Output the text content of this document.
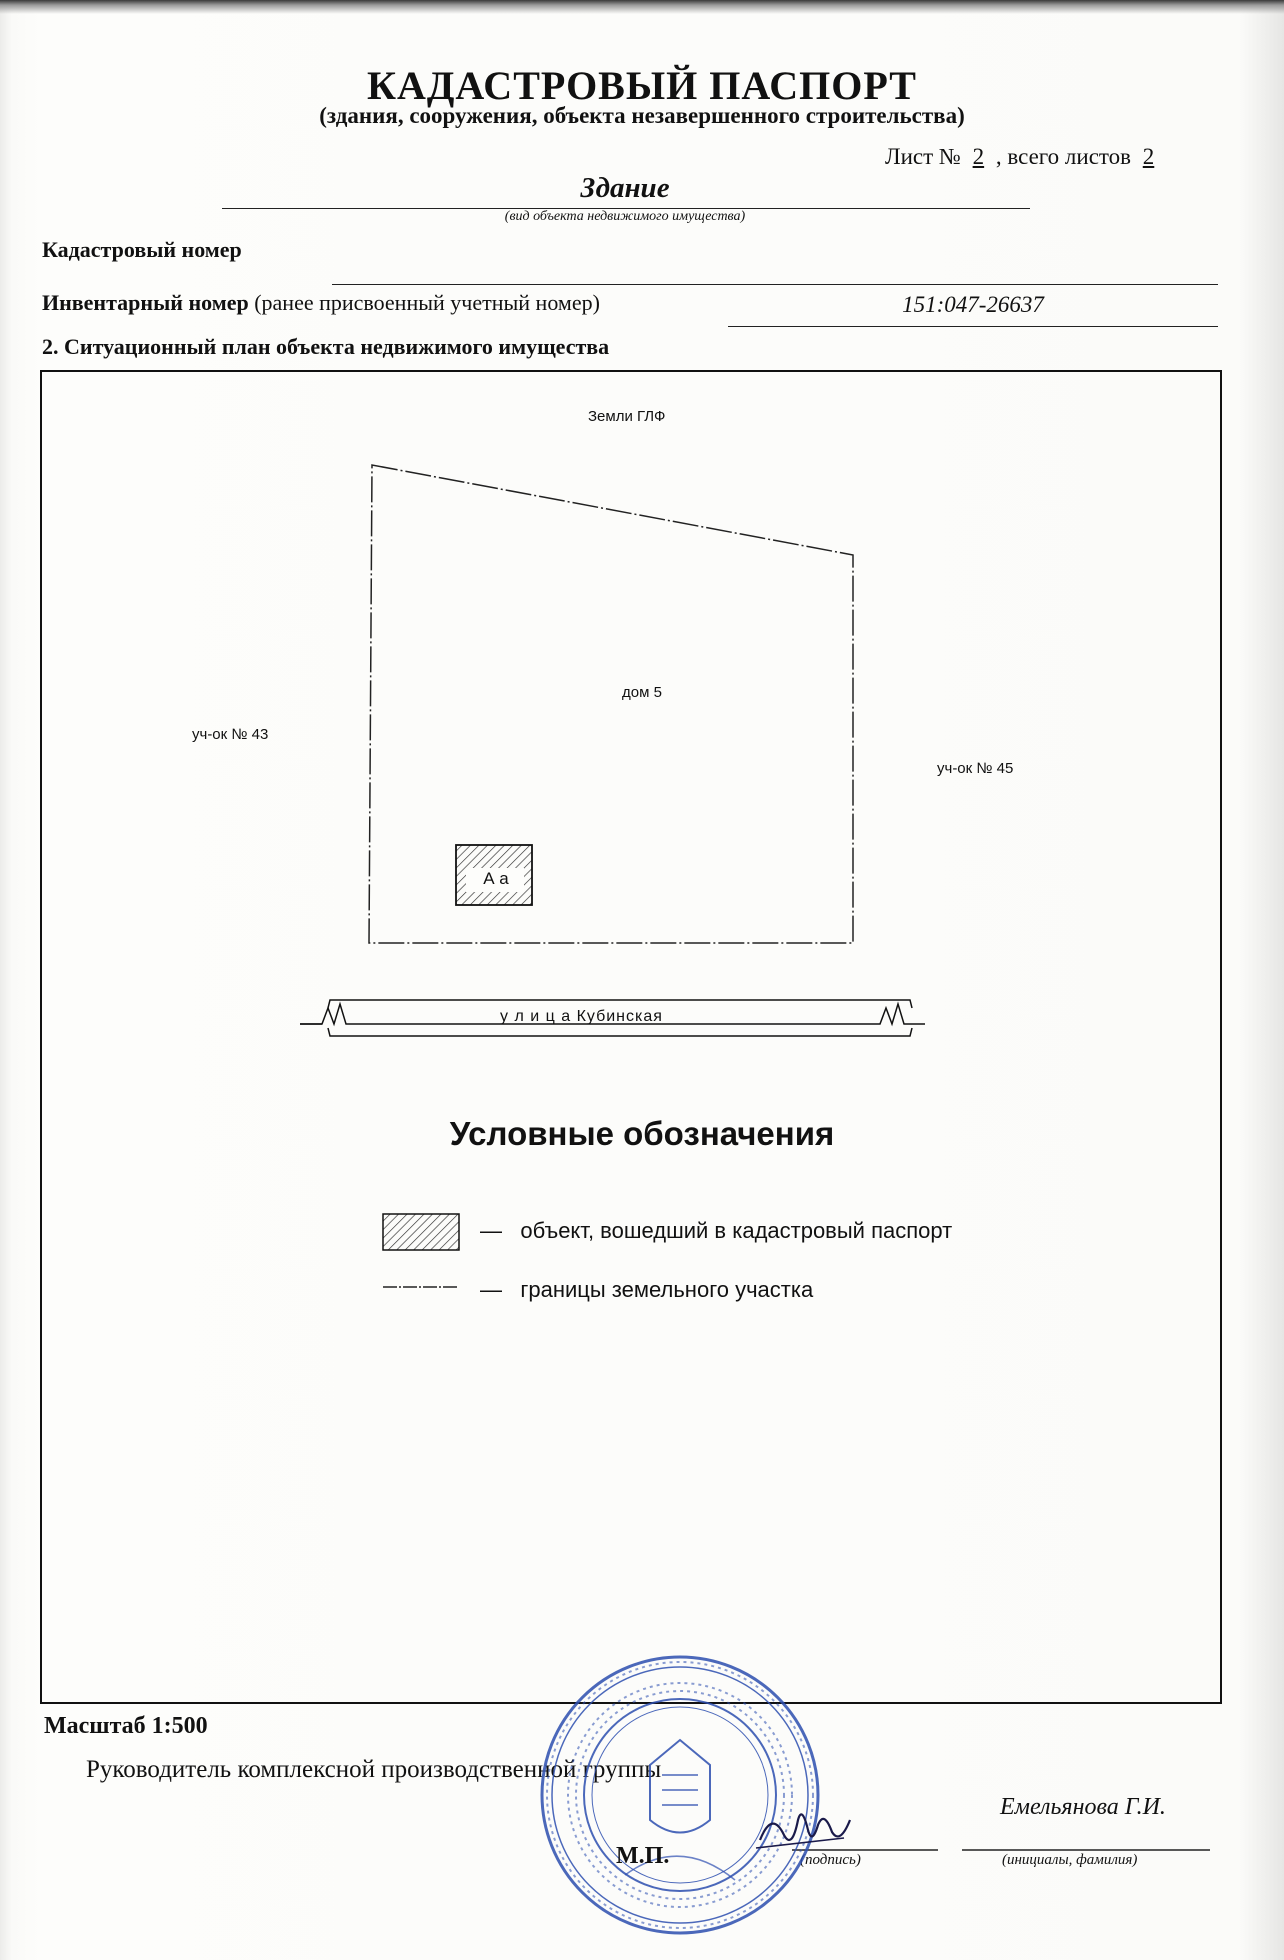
КАДАСТРОВЫЙ ПАСПОРТ
(здания, сооружения, объекта незавершенного строительства)
Лист № 2 , всего листов 2
Здание
(вид объекта недвижимого имущества)
Кадастровый номер
Инвентарный номер (ранее присвоенный учетный номер)	151:047-26637
2. Ситуационный план объекта недвижимого имущества
Земли ГЛФ
дом 5
уч-ок № 43
уч-ок № 45
А а
у л и ц а Кубинская
Условные обозначения
— объект, вошедший в кадастровый паспорт
— границы земельного участка
Масштаб 1:500
Руководитель комплексной производственной группы
Емельянова Г.И.
(подпись)	(инициалы, фамилия)
М.П.
